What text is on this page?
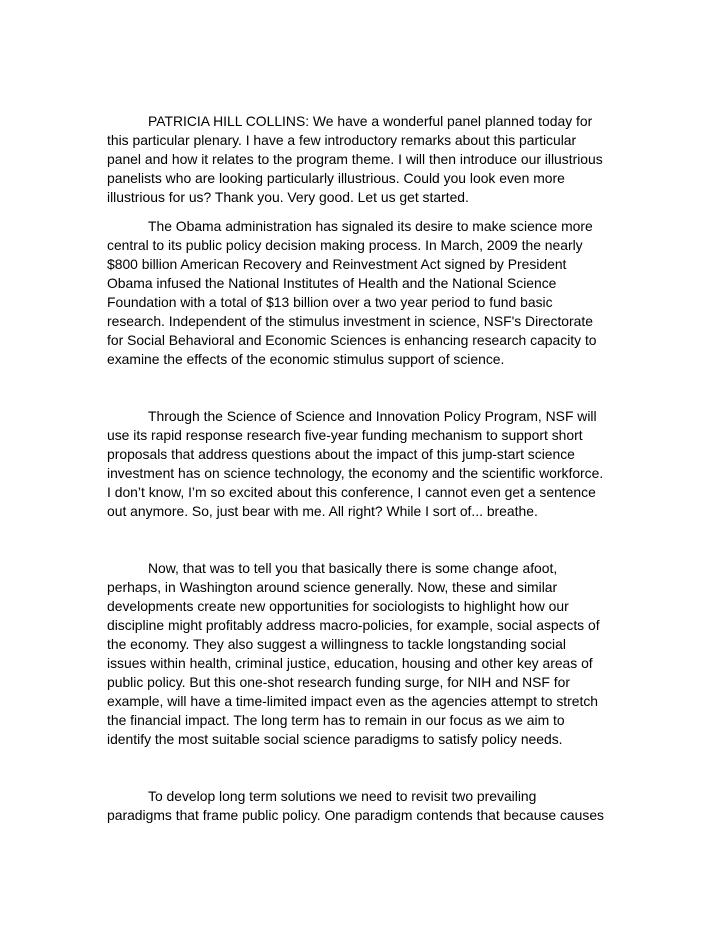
PATRICIA HILL COLLINS: We have a wonderful panel planned today for
this particular plenary. I have a few introductory remarks about this particular
panel and how it relates to the program theme. I will then introduce our illustrious
panelists who are looking particularly illustrious. Could you look even more
illustrious for us? Thank you. Very good. Let us get started.

The Obama administration has signaled its desire to make science more
central to its public policy decision making process. In March, 2009 the nearly
$800 billion American Recovery and Reinvestment Act signed by President
Obama infused the National Institutes of Health and the National Science
Foundation with a total of $13 billion over a two year period to fund basic
research. Independent of the stimulus investment in science, NSF's Directorate
for Social Behavioral and Economic Sciences is enhancing research capacity to
examine the effects of the economic stimulus support of science.

Through the Science of Science and Innovation Policy Program, NSF will
use its rapid response research five-year funding mechanism to support short
proposals that address questions about the impact of this jump-start science
investment has on science technology, the economy and the scientific workforce.
I don’t know, I’m so excited about this conference, I cannot even get a sentence
out anymore. So, just bear with me. All right? While I sort of... breathe.

Now, that was to tell you that basically there is some change afoot,
perhaps, in Washington around science generally. Now, these and similar
developments create new opportunities for sociologists to highlight how our
discipline might profitably address macro-policies, for example, social aspects of
the economy. They also suggest a willingness to tackle longstanding social
issues within health, criminal justice, education, housing and other key areas of
public policy. But this one-shot research funding surge, for NIH and NSF for
example, will have a time-limited impact even as the agencies attempt to stretch
the financial impact. The long term has to remain in our focus as we aim to
identify the most suitable social science paradigms to satisfy policy needs.

To develop long term solutions we need to revisit two prevailing
paradigms that frame public policy. One paradigm contends that because causes
